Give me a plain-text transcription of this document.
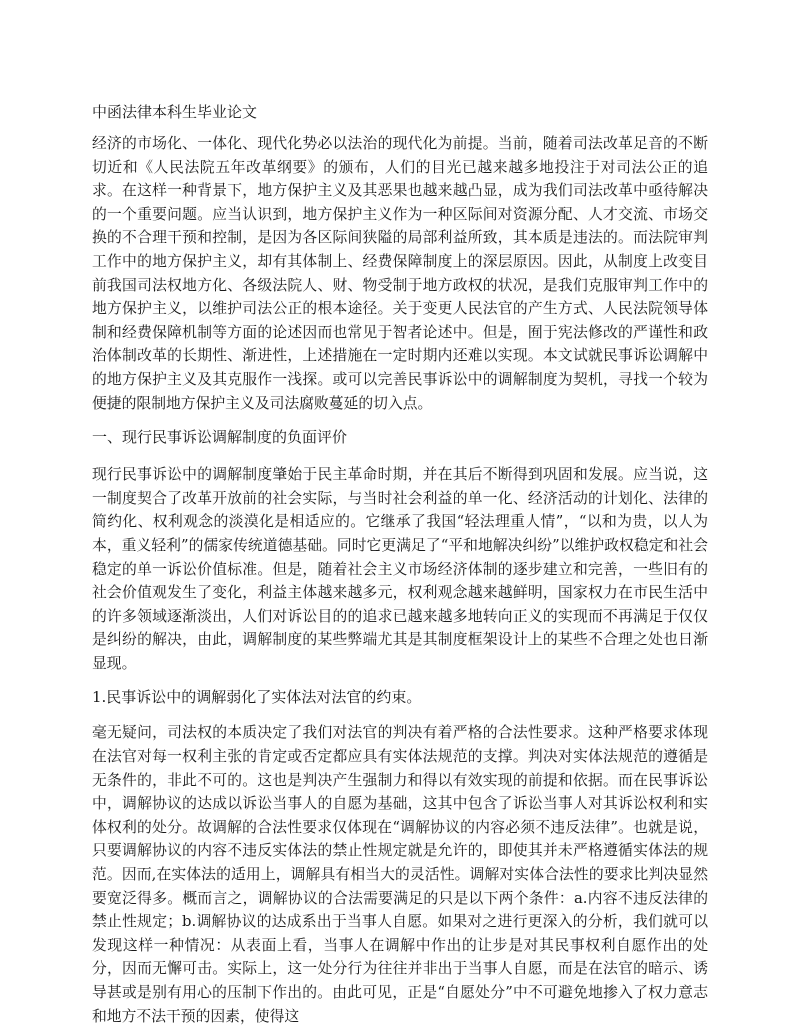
中函法律本科生毕业论文

经济的市场化、一体化、现代化势必以法治的现代化为前提。当前，随着司法改革足音的不断切近和《人民法院五年改革纲要》的颁布，人们的目光已越来越多地投注于对司法公正的追求。在这样一种背景下，地方保护主义及其恶果也越来越凸显，成为我们司法改革中亟待解决的一个重要问题。应当认识到，地方保护主义作为一种区际间对资源分配、人才交流、市场交换的不合理干预和控制，是因为各区际间狭隘的局部利益所致，其本质是违法的。而法院审判工作中的地方保护主义，却有其体制上、经费保障制度上的深层原因。因此，从制度上改变目前我国司法权地方化、各级法院人、财、物受制于地方政权的状况，是我们克服审判工作中的地方保护主义，以维护司法公正的根本途径。关于变更人民法官的产生方式、人民法院领导体制和经费保障机制等方面的论述因而也常见于智者论述中。但是，囿于宪法修改的严谨性和政治体制改革的长期性、渐进性，上述措施在一定时期内还难以实现。本文试就民事诉讼调解中的地方保护主义及其克服作一浅探。或可以完善民事诉讼中的调解制度为契机，寻找一个较为便捷的限制地方保护主义及司法腐败蔓延的切入点。

一、现行民事诉讼调解制度的负面评价

现行民事诉讼中的调解制度肇始于民主革命时期，并在其后不断得到巩固和发展。应当说，这一制度契合了改革开放前的社会实际，与当时社会利益的单一化、经济活动的计划化、法律的简约化、权利观念的淡漠化是相适应的。它继承了我国“轻法理重人情”，“以和为贵，以人为本，重义轻利”的儒家传统道德基础。同时它更满足了“平和地解决纠纷”以维护政权稳定和社会稳定的单一诉讼价值标准。但是，随着社会主义市场经济体制的逐步建立和完善，一些旧有的社会价值观发生了变化，利益主体越来越多元，权利观念越来越鲜明，国家权力在市民生活中的许多领域逐渐淡出，人们对诉讼目的的追求已越来越多地转向正义的实现而不再满足于仅仅是纠纷的解决，由此，调解制度的某些弊端尤其是其制度框架设计上的某些不合理之处也日渐显现。

1.民事诉讼中的调解弱化了实体法对法官的约束。

毫无疑问，司法权的本质决定了我们对法官的判决有着严格的合法性要求。这种严格要求体现在法官对每一权利主张的肯定或否定都应具有实体法规范的支撑。判决对实体法规范的遵循是无条件的，非此不可的。这也是判决产生强制力和得以有效实现的前提和依据。而在民事诉讼中，调解协议的达成以诉讼当事人的自愿为基础，这其中包含了诉讼当事人对其诉讼权利和实体权利的处分。故调解的合法性要求仅体现在“调解协议的内容必须不违反法律”。也就是说，只要调解协议的内容不违反实体法的禁止性规定就是允许的，即使其并未严格遵循实体法的规范。因而,在实体法的适用上，调解具有相当大的灵活性。调解对实体合法性的要求比判决显然要宽泛得多。概而言之，调解协议的合法需要满足的只是以下两个条件：a.内容不违反法律的禁止性规定；b.调解协议的达成系出于当事人自愿。如果对之进行更深入的分析，我们就可以发现这样一种情况：从表面上看，当事人在调解中作出的让步是对其民事权利自愿作出的处分，因而无懈可击。实际上，这一处分行为往往并非出于当事人自愿，而是在法官的暗示、诱导甚或是别有用心的压制下作出的。由此可见，正是“自愿处分”中不可避免地掺入了权力意志和地方不法干预的因素，使得这
